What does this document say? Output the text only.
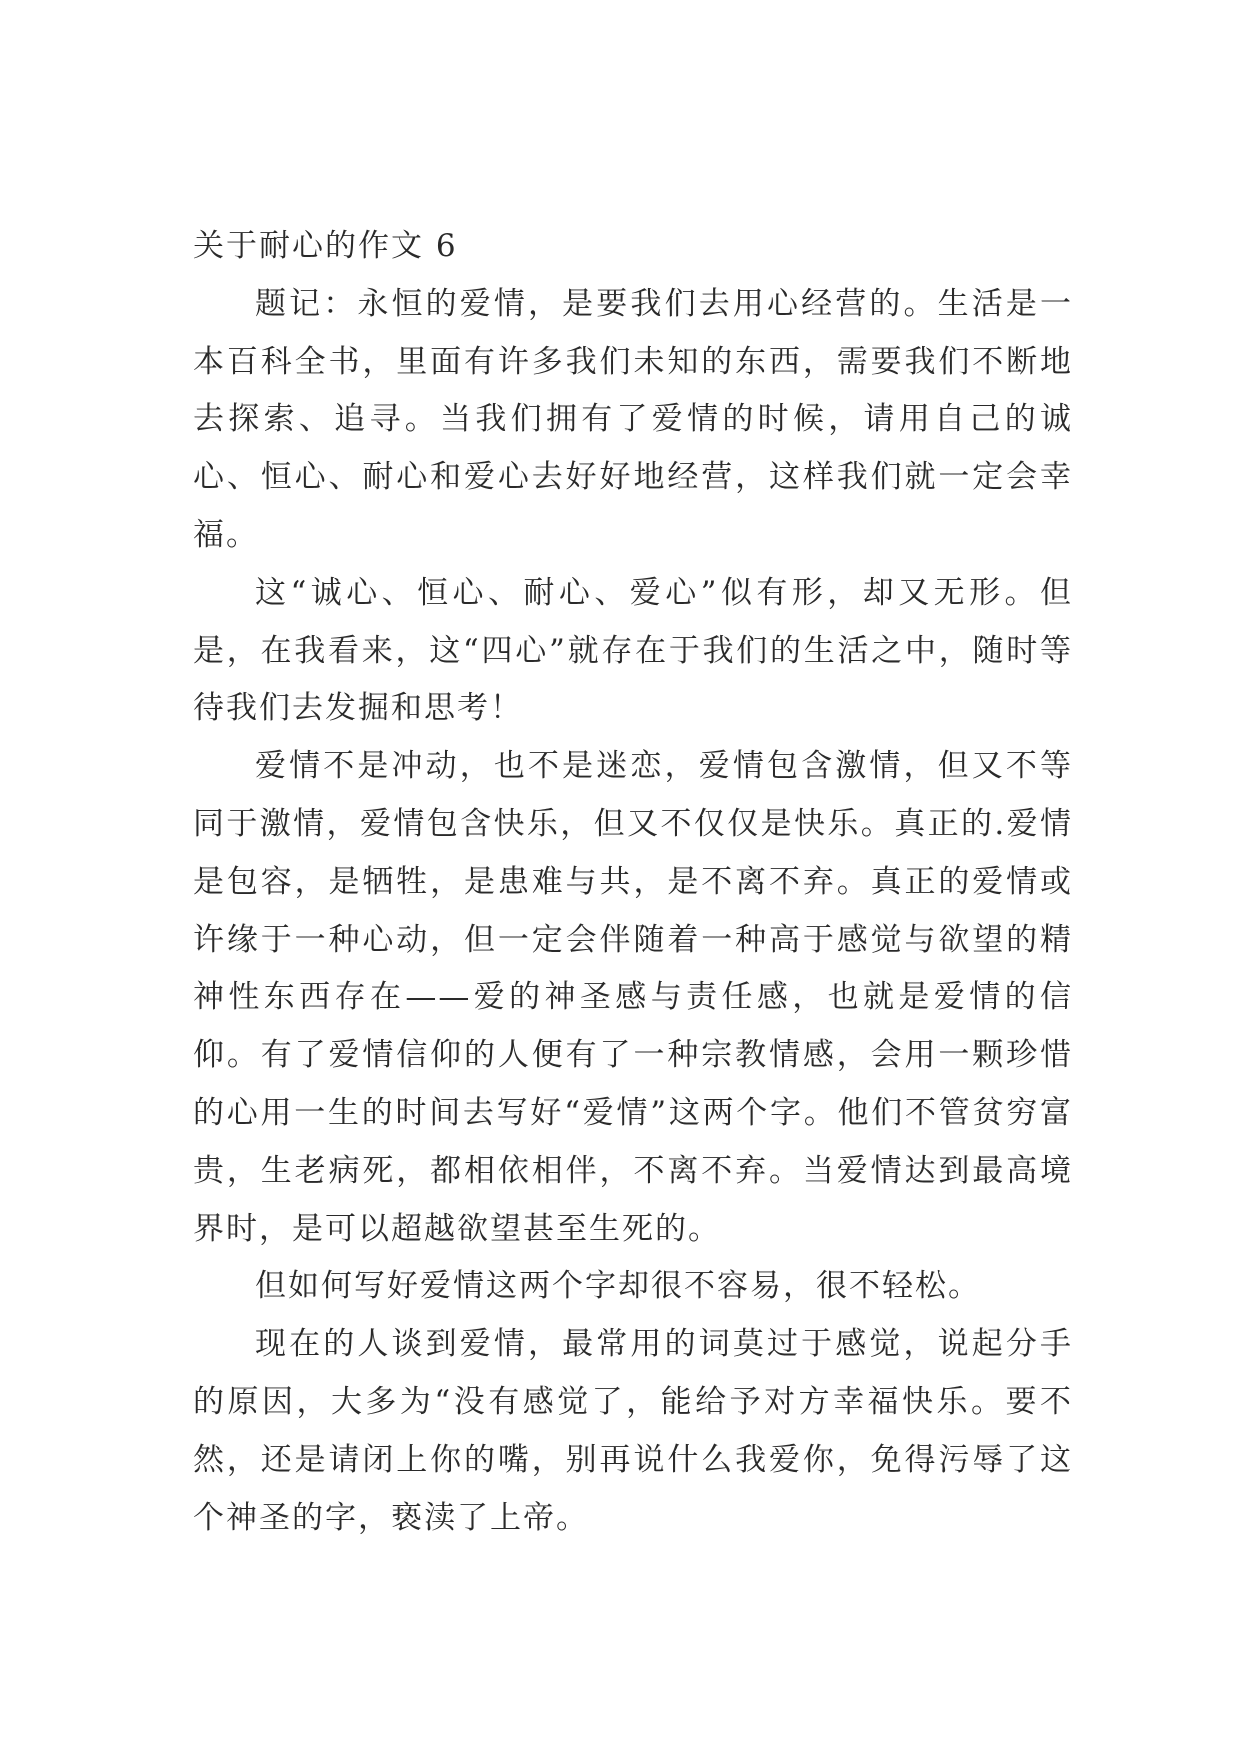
关于耐心的作文 6

题记：永恒的爱情，是要我们去用心经营的。生活是一本百科全书，里面有许多我们未知的东西，需要我们不断地去探索、追寻。当我们拥有了爱情的时候，请用自己的诚心、恒心、耐心和爱心去好好地经营，这样我们就一定会幸福。

这“诚心、恒心、耐心、爱心”似有形，却又无形。但是，在我看来，这“四心”就存在于我们的生活之中，随时等待我们去发掘和思考！

爱情不是冲动，也不是迷恋，爱情包含激情，但又不等同于激情，爱情包含快乐，但又不仅仅是快乐。真正的.爱情是包容，是牺牲，是患难与共，是不离不弃。真正的爱情或许缘于一种心动，但一定会伴随着一种高于感觉与欲望的精神性东西存在——爱的神圣感与责任感，也就是爱情的信仰。有了爱情信仰的人便有了一种宗教情感，会用一颗珍惜的心用一生的时间去写好“爱情”这两个字。他们不管贫穷富贵，生老病死，都相依相伴，不离不弃。当爱情达到最高境界时，是可以超越欲望甚至生死的。

但如何写好爱情这两个字却很不容易，很不轻松。

现在的人谈到爱情，最常用的词莫过于感觉，说起分手的原因，大多为“没有感觉了，能给予对方幸福快乐。要不然，还是请闭上你的嘴，别再说什么我爱你，免得污辱了这个神圣的字，亵渎了上帝。
